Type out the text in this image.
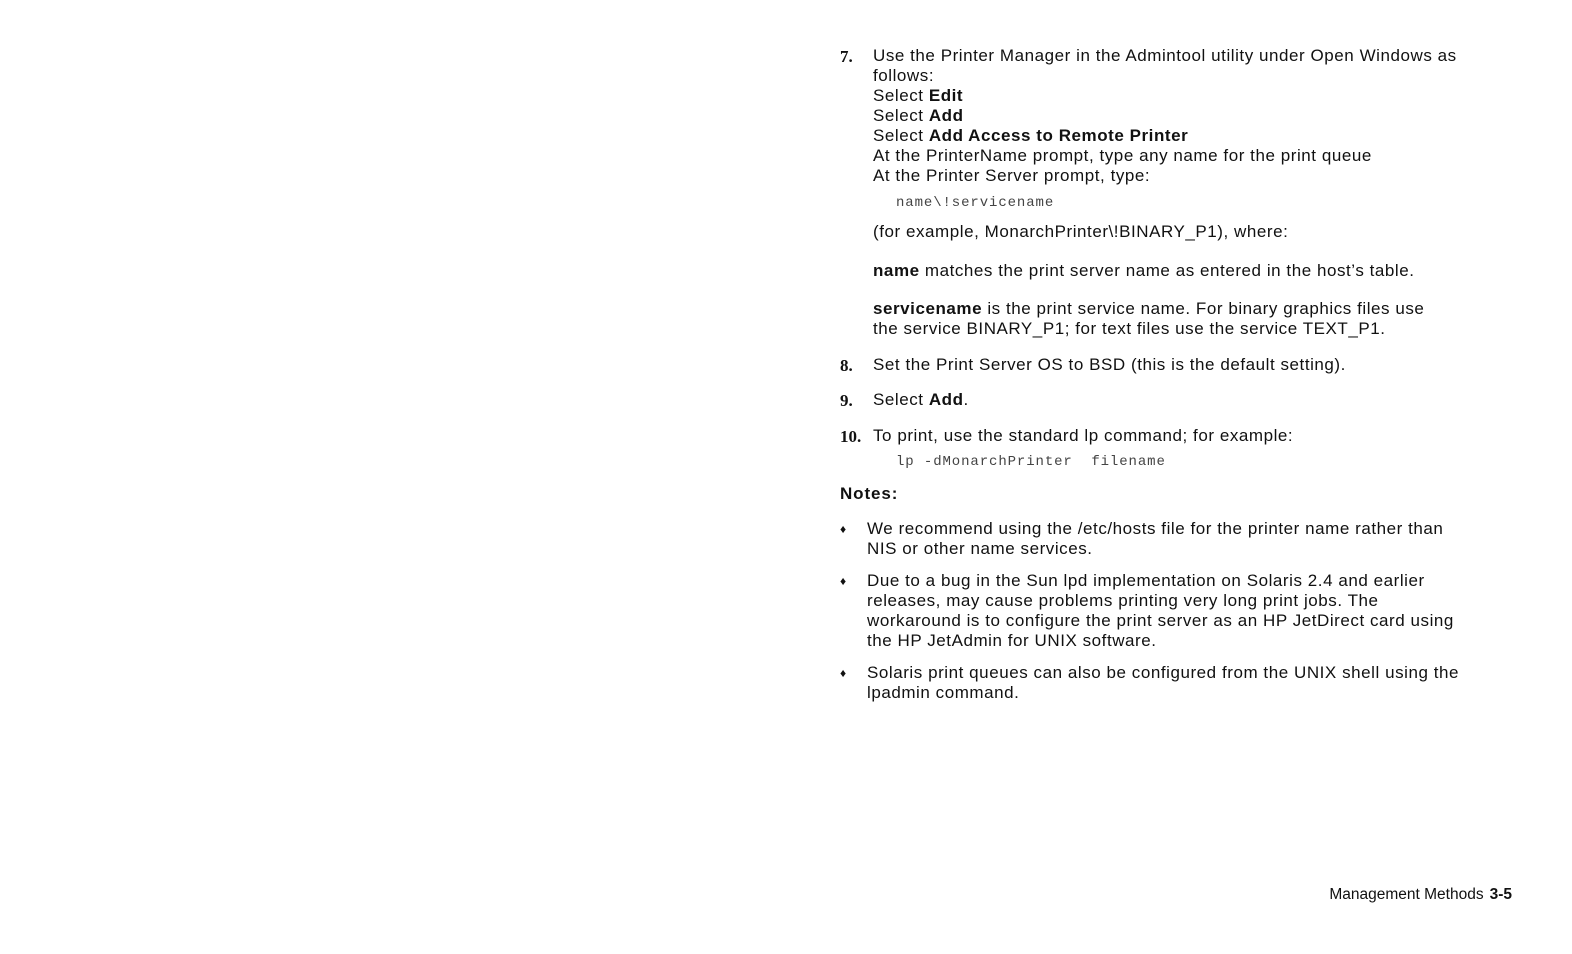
7. Use the Printer Manager in the Admintool utility under Open Windows as
follows:
Select Edit
Select Add
Select Add Access to Remote Printer
At the PrinterName prompt, type any name for the print queue
At the Printer Server prompt, type:
name\!servicename
(for example, MonarchPrinter\!BINARY_P1), where:
name matches the print server name as entered in the host’s table.
servicename is the print service name. For binary graphics files use
the service BINARY_P1; for text files use the service TEXT_P1.
8. Set the Print Server OS to BSD (this is the default setting).
9. Select Add.
10. To print, use the standard lp command; for example:
lp -dMonarchPrinter  filename
Notes:
♦ We recommend using the /etc/hosts file for the printer name rather than
NIS or other name services.
♦ Due to a bug in the Sun lpd implementation on Solaris 2.4 and earlier
releases, may cause problems printing very long print jobs. The
workaround is to configure the print server as an HP JetDirect card using
the HP JetAdmin for UNIX software.
♦ Solaris print queues can also be configured from the UNIX shell using the
lpadmin command.
Management Methods 3-5
